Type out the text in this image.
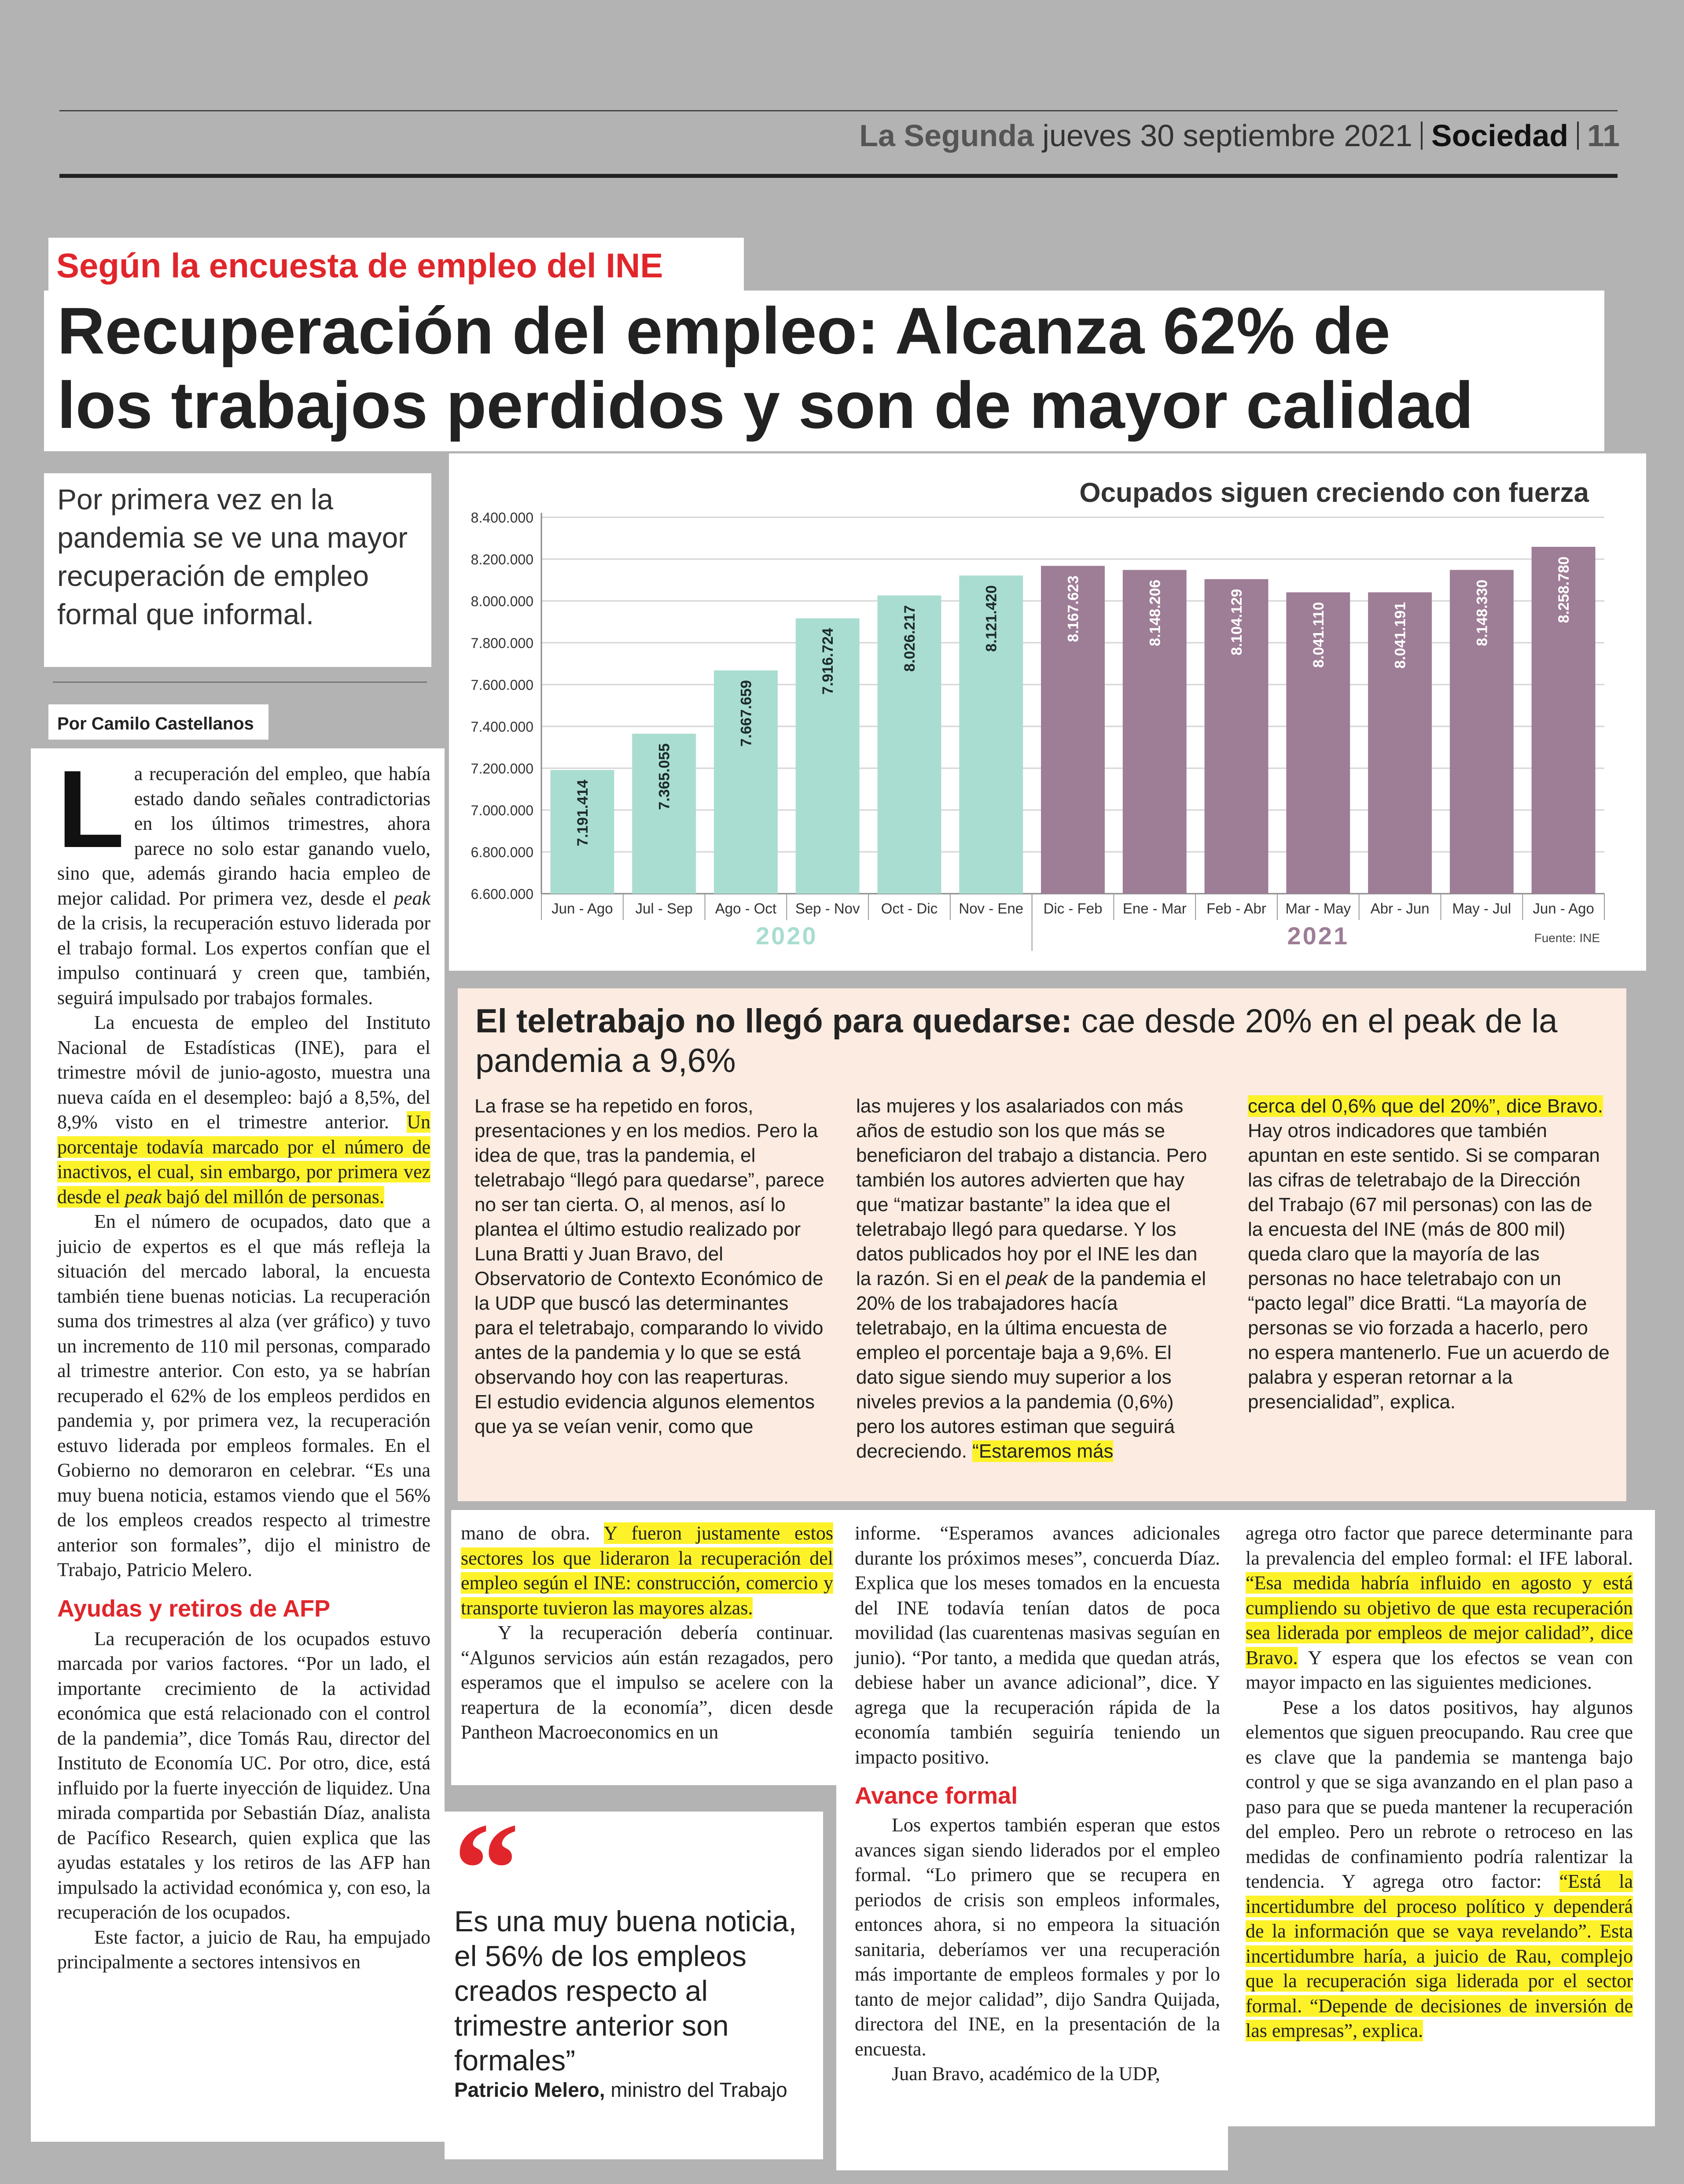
La Segunda jueves 30 septiembre 2021 Sociedad 11
Según la encuesta de empleo del INE
Recuperación del empleo: Alcanza 62% de
los trabajos perdidos y son de mayor calidad
Por primera vez en la pandemia se ve una mayor recuperación de empleo formal que informal.
Por Camilo Castellanos
Ocupados siguen creciendo con fuerza
6.600.000
6.800.000
7.000.000
7.200.000
7.400.000
7.600.000
7.800.000
8.000.000
8.200.000
8.400.000
7.191.414
Jun - Ago
7.365.055
Jul - Sep
7.667.659
Ago - Oct
7.916.724
Sep - Nov
8.026.217
Oct - Dic
8.121.420
Nov - Ene
8.167.623
Dic - Feb
8.148.206
Ene - Mar
8.104.129
Feb - Abr
8.041.110
Mar - May
8.041.191
Abr - Jun
8.148.330
May - Jul
8.258.780
Jun - Ago
2020	2021	Fuente: INE

La recuperación del empleo, que había estado dando señales contradictorias en los últimos trimestres, ahora parece no solo estar ganando vuelo, sino que, además girando hacia empleo de mejor calidad. Por primera vez, desde el peak de la crisis, la recuperación estuvo liderada por el trabajo formal. Los expertos confían que el impulso continuará y creen que, también, seguirá impulsado por trabajos formales.

La encuesta de empleo del Instituto Nacional de Estadísticas (INE), para el trimestre móvil de junio-agosto, muestra una nueva caída en el desempleo: bajó a 8,5%, del 8,9% visto en el trimestre anterior. Un porcentaje todavía marcado por el número de inactivos, el cual, sin embargo, por primera vez desde el peak bajó del millón de personas.

En el número de ocupados, dato que a juicio de expertos es el que más refleja la situación del mercado laboral, la encuesta también tiene buenas noticias. La recuperación suma dos trimestres al alza (ver gráfico) y tuvo un incremento de 110 mil personas, comparado al trimestre anterior. Con esto, ya se habrían recuperado el 62% de los empleos perdidos en pandemia y, por primera vez, la recuperación estuvo liderada por empleos formales. En el Gobierno no demoraron en celebrar. “Es una muy buena noticia, estamos viendo que el 56% de los empleos creados respecto al trimestre anterior son formales”, dijo el ministro de Trabajo, Patricio Melero.

Ayudas y retiros de AFP

La recuperación de los ocupados estuvo marcada por varios factores. “Por un lado, el importante crecimiento de la actividad económica que está relacionado con el control de la pandemia”, dice Tomás Rau, director del Instituto de Economía UC. Por otro, dice, está influido por la fuerte inyección de liquidez. Una mirada compartida por Sebastián Díaz, analista de Pacífico Research, quien explica que las ayudas estatales y los retiros de las AFP han impulsado la actividad económica y, con eso, la recuperación de los ocupados.

Este factor, a juicio de Rau, ha empujado principalmente a sectores intensivos en

El teletrabajo no llegó para quedarse: cae desde 20% en el peak de la pandemia a 9,6%

La frase se ha repetido en foros, presentaciones y en los medios. Pero la idea de que, tras la pandemia, el teletrabajo “llegó para quedarse”, parece no ser tan cierta. O, al menos, así lo plantea el último estudio realizado por Luna Bratti y Juan Bravo, del Observatorio de Contexto Económico de la UDP que buscó las determinantes para el teletrabajo, comparando lo vivido antes de la pandemia y lo que se está observando hoy con las reaperturas.

El estudio evidencia algunos elementos que ya se veían venir, como que

las mujeres y los asalariados con más años de estudio son los que más se beneficiaron del trabajo a distancia. Pero también los autores advierten que hay que “matizar bastante” la idea que el teletrabajo llegó para quedarse. Y los datos publicados hoy por el INE les dan la razón. Si en el peak de la pandemia el 20% de los trabajadores hacía teletrabajo, en la última encuesta de empleo el porcentaje baja a 9,6%. El dato sigue siendo muy superior a los niveles previos a la pandemia (0,6%) pero los autores estiman que seguirá decreciendo. “Estaremos más

cerca del 0,6% que del 20%”, dice Bravo.

Hay otros indicadores que también apuntan en este sentido. Si se comparan las cifras de teletrabajo de la Dirección del Trabajo (67 mil personas) con las de la encuesta del INE (más de 800 mil) queda claro que la mayoría de las personas no hace teletrabajo con un “pacto legal” dice Bratti. “La mayoría de personas se vio forzada a hacerlo, pero no espera mantenerlo. Fue un acuerdo de palabra y esperan retornar a la presencialidad”, explica.

mano de obra. Y fueron justamente estos sectores los que lideraron la recuperación del empleo según el INE: construcción, comercio y transporte tuvieron las mayores alzas.

Y la recuperación debería continuar. “Algunos servicios aún están rezagados, pero esperamos que el impulso se acelere con la reapertura de la economía”, dicen desde Pantheon Macroeconomics en un

“
Es una muy buena noticia, el 56% de los empleos creados respecto al trimestre anterior son formales”
Patricio Melero, ministro del Trabajo

informe. “Esperamos avances adicionales durante los próximos meses”, concuerda Díaz. Explica que los meses tomados en la encuesta del INE todavía tenían datos de poca movilidad (las cuarentenas masivas seguían en junio). “Por tanto, a medida que quedan atrás, debiese haber un avance adicional”, dice. Y agrega que la recuperación rápida de la economía también seguiría teniendo un impacto positivo.

Avance formal

Los expertos también esperan que estos avances sigan siendo liderados por el empleo formal. “Lo primero que se recupera en periodos de crisis son empleos informales, entonces ahora, si no empeora la situación sanitaria, deberíamos ver una recuperación más importante de empleos formales y por lo tanto de mejor calidad”, dijo Sandra Quijada, directora del INE, en la presentación de la encuesta.

Juan Bravo, académico de la UDP,

agrega otro factor que parece determinante para la prevalencia del empleo formal: el IFE laboral. “Esa medida habría influido en agosto y está cumpliendo su objetivo de que esta recuperación sea liderada por empleos de mejor calidad”, dice Bravo. Y espera que los efectos se vean con mayor impacto en las siguientes mediciones.

Pese a los datos positivos, hay algunos elementos que siguen preocupando. Rau cree que es clave que la pandemia se mantenga bajo control y que se siga avanzando en el plan paso a paso para que se pueda mantener la recuperación del empleo. Pero un rebrote o retroceso en las medidas de confinamiento podría ralentizar la tendencia. Y agrega otro factor: “Está la incertidumbre del proceso político y dependerá de la información que se vaya revelando”. Esta incertidumbre haría, a juicio de Rau, complejo que la recuperación siga liderada por el sector formal. “Depende de decisiones de inversión de las empresas”, explica.
